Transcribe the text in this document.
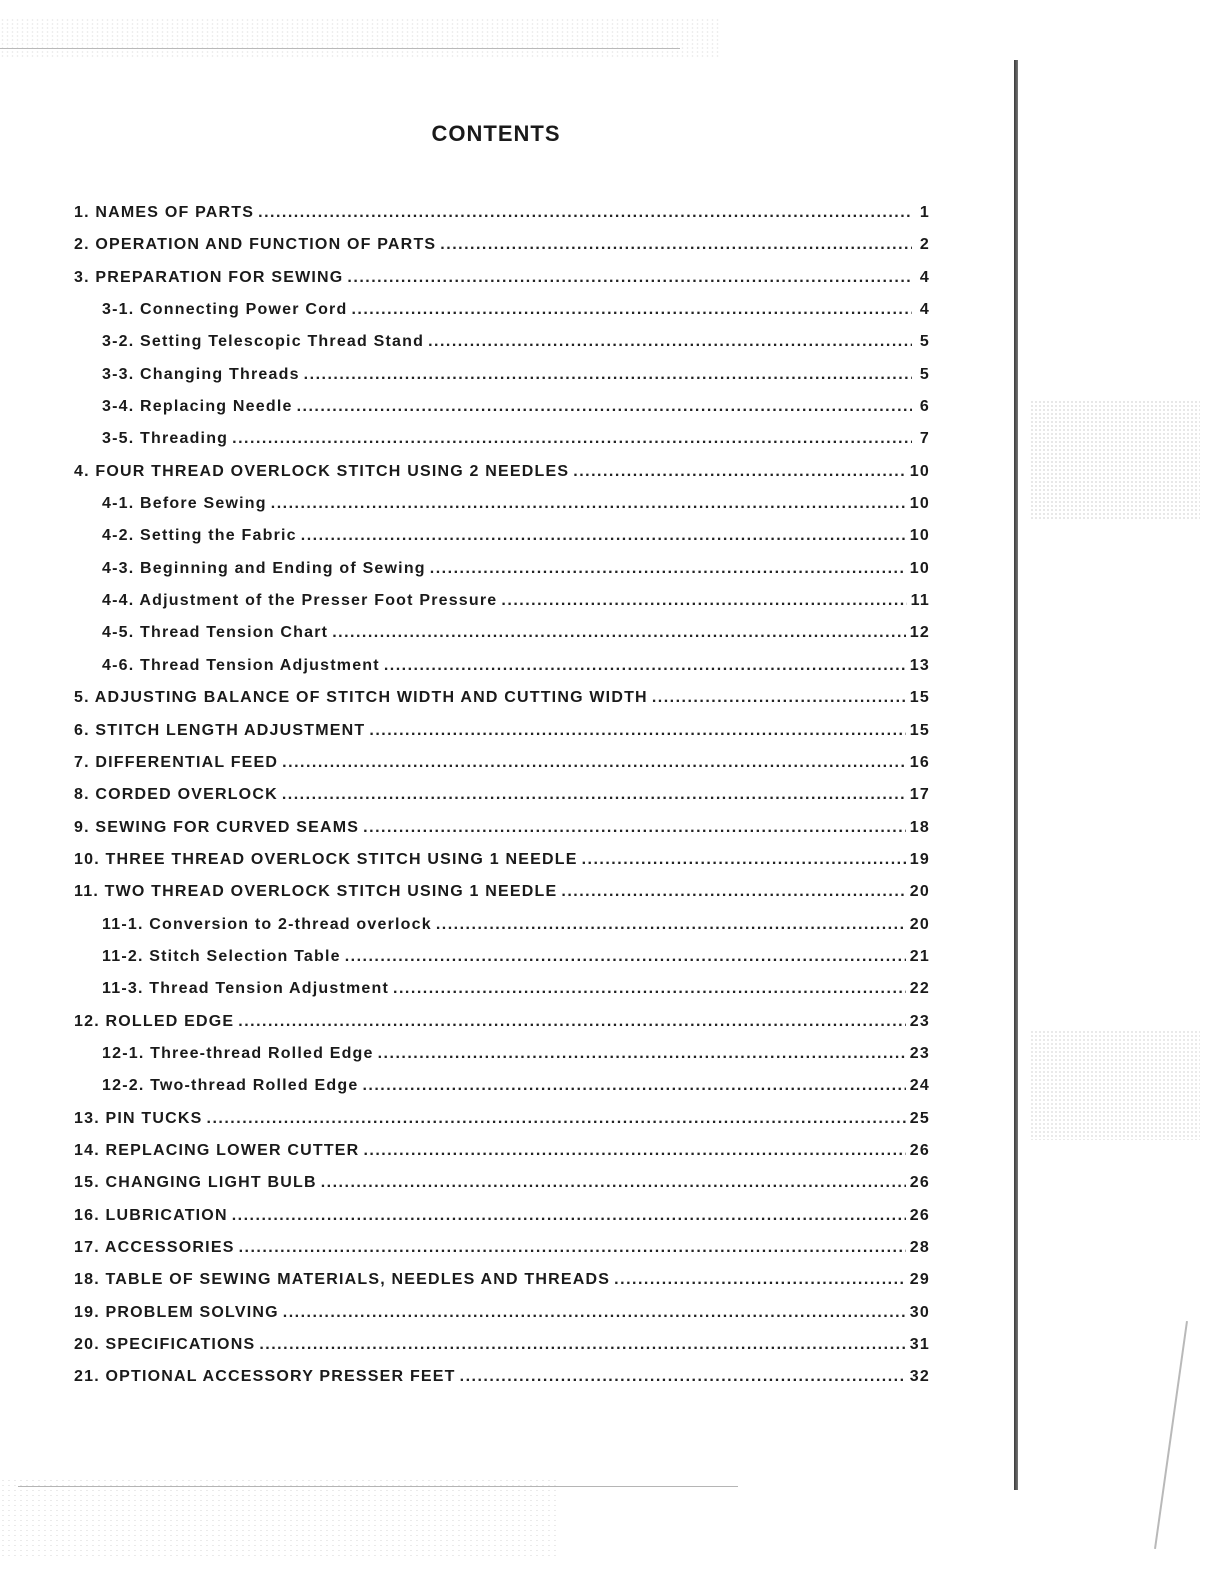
CONTENTS
1. NAMES OF PARTS .....	1
2. OPERATION AND FUNCTION OF PARTS .....	2
3. PREPARATION FOR SEWING .....	4
3-1. Connecting Power Cord .....	4
3-2. Setting Telescopic Thread Stand .....	5
3-3. Changing Threads .....	5
3-4. Replacing Needle .....	6
3-5. Threading .....	7
4. FOUR THREAD OVERLOCK STITCH USING 2 NEEDLES .....	10
4-1. Before Sewing .....	10
4-2. Setting the Fabric .....	10
4-3. Beginning and Ending of Sewing .....	10
4-4. Adjustment of the Presser Foot Pressure .....	11
4-5. Thread Tension Chart .....	12
4-6. Thread Tension Adjustment .....	13
5. ADJUSTING BALANCE OF STITCH WIDTH AND CUTTING WIDTH .....	15
6. STITCH LENGTH ADJUSTMENT .....	15
7. DIFFERENTIAL FEED .....	16
8. CORDED OVERLOCK .....	17
9. SEWING FOR CURVED SEAMS .....	18
10. THREE THREAD OVERLOCK STITCH USING 1 NEEDLE .....	19
11. TWO THREAD OVERLOCK STITCH USING 1 NEEDLE .....	20
11-1. Conversion to 2-thread overlock .....	20
11-2. Stitch Selection Table .....	21
11-3. Thread Tension Adjustment .....	22
12. ROLLED EDGE .....	23
12-1. Three-thread Rolled Edge .....	23
12-2. Two-thread Rolled Edge .....	24
13. PIN TUCKS .....	25
14. REPLACING LOWER CUTTER .....	26
15. CHANGING LIGHT BULB .....	26
16. LUBRICATION .....	26
17. ACCESSORIES .....	28
18. TABLE OF SEWING MATERIALS, NEEDLES AND THREADS .....	29
19. PROBLEM SOLVING .....	30
20. SPECIFICATIONS .....	31
21. OPTIONAL ACCESSORY PRESSER FEET .....	32
